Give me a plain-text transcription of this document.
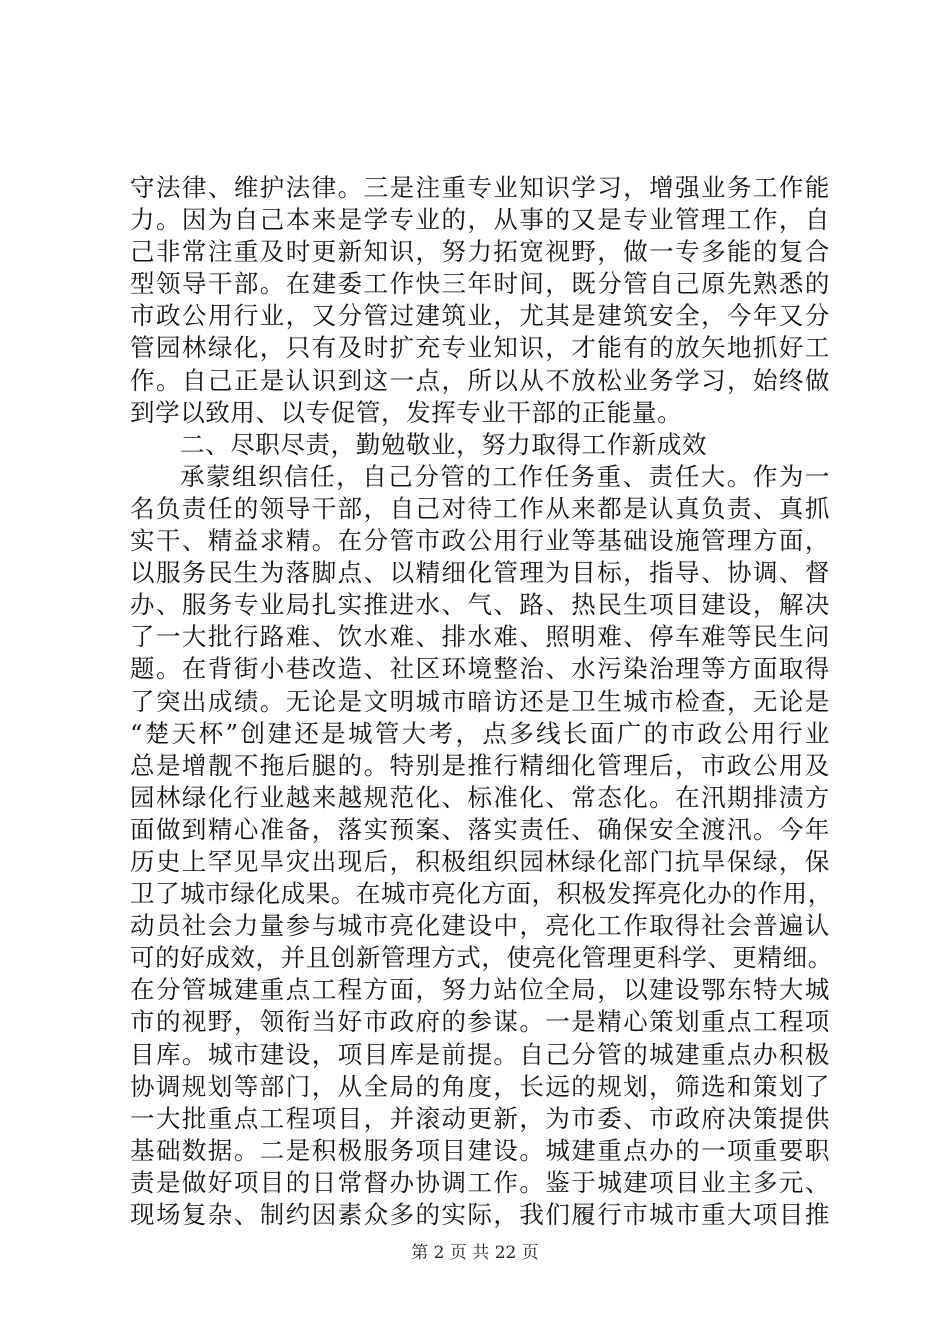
守法律、维护法律。三是注重专业知识学习，增强业务工作能
力。因为自己本来是学专业的，从事的又是专业管理工作，自
己非常注重及时更新知识，努力拓宽视野，做一专多能的复合
型领导干部。在建委工作快三年时间，既分管自己原先熟悉的
市政公用行业，又分管过建筑业，尤其是建筑安全，今年又分
管园林绿化，只有及时扩充专业知识，才能有的放矢地抓好工
作。自己正是认识到这一点，所以从不放松业务学习，始终做
到学以致用、以专促管，发挥专业干部的正能量。
二、尽职尽责，勤勉敬业，努力取得工作新成效
承蒙组织信任，自己分管的工作任务重、责任大。作为一
名负责任的领导干部，自己对待工作从来都是认真负责、真抓
实干、精益求精。在分管市政公用行业等基础设施管理方面，
以服务民生为落脚点、以精细化管理为目标，指导、协调、督
办、服务专业局扎实推进水、气、路、热民生项目建设，解决
了一大批行路难、饮水难、排水难、照明难、停车难等民生问
题。在背街小巷改造、社区环境整治、水污染治理等方面取得
了突出成绩。无论是文明城市暗访还是卫生城市检查，无论是
“楚天杯”创建还是城管大考，点多线长面广的市政公用行业
总是增靓不拖后腿的。特别是推行精细化管理后，市政公用及
园林绿化行业越来越规范化、标准化、常态化。在汛期排渍方
面做到精心准备，落实预案、落实责任、确保安全渡汛。今年
历史上罕见旱灾出现后，积极组织园林绿化部门抗旱保绿，保
卫了城市绿化成果。在城市亮化方面，积极发挥亮化办的作用，
动员社会力量参与城市亮化建设中，亮化工作取得社会普遍认
可的好成效，并且创新管理方式，使亮化管理更科学、更精细。
在分管城建重点工程方面，努力站位全局，以建设鄂东特大城
市的视野，领衔当好市政府的参谋。一是精心策划重点工程项
目库。城市建设，项目库是前提。自己分管的城建重点办积极
协调规划等部门，从全局的角度，长远的规划，筛选和策划了
一大批重点工程项目，并滚动更新，为市委、市政府决策提供
基础数据。二是积极服务项目建设。城建重点办的一项重要职
责是做好项目的日常督办协调工作。鉴于城建项目业主多元、
现场复杂、制约因素众多的实际，我们履行市城市重大项目推
第 2 页 共 22 页
